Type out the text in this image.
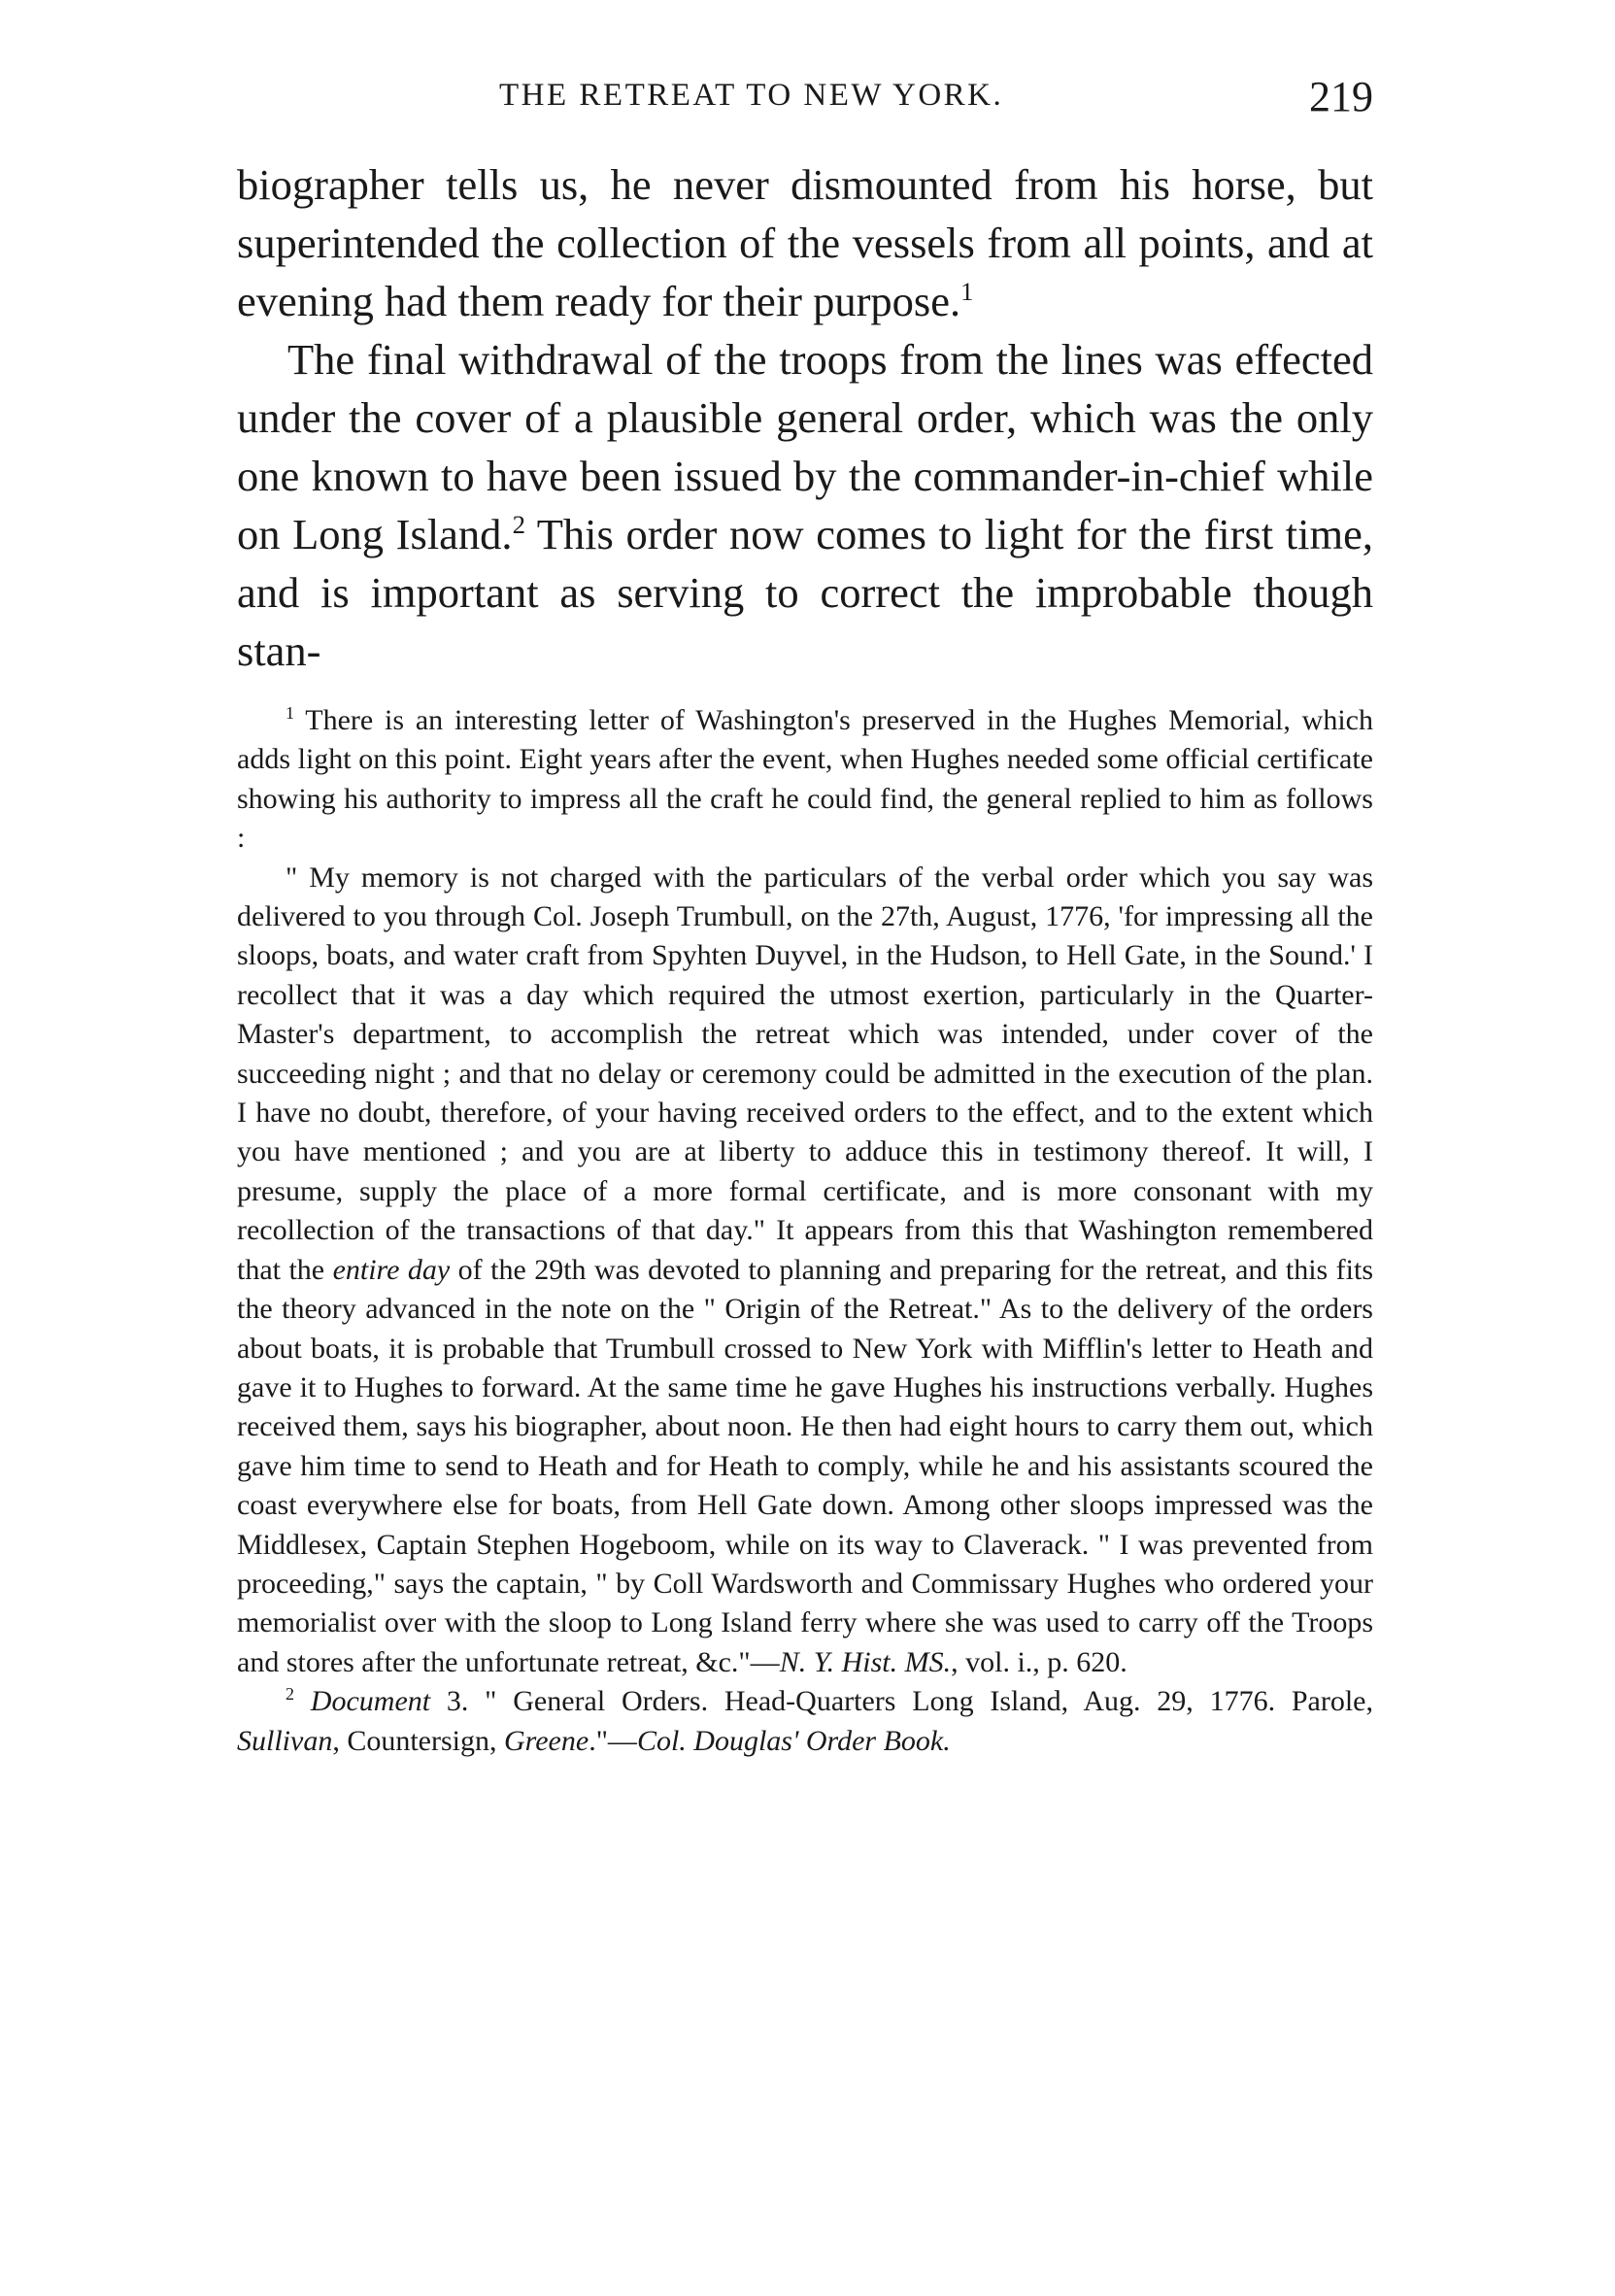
THE RETREAT TO NEW YORK.	219

biographer tells us, he never dismounted from his horse, but superintended the collection of the vessels from all points, and at evening had them ready for their purpose.$^1$

The final withdrawal of the troops from the lines was effected under the cover of a plausible general order, which was the only one known to have been issued by the commander-in-chief while on Long Island.$^2$ This order now comes to light for the first time, and is important as serving to correct the improbable though stan-

$^1$ There is an interesting letter of Washington's preserved in the Hughes Memorial, which adds light on this point. Eight years after the event, when Hughes needed some official certificate showing his authority to impress all the craft he could find, the general replied to him as follows :

" My memory is not charged with the particulars of the verbal order which you say was delivered to you through Col. Joseph Trumbull, on the 27th, August, 1776, 'for impressing all the sloops, boats, and water craft from Spyhten Duyvel, in the Hudson, to Hell Gate, in the Sound.' I recollect that it was a day which required the utmost exertion, particularly in the Quarter-Master's department, to accomplish the retreat which was intended, under cover of the succeeding night ; and that no delay or ceremony could be admitted in the execution of the plan. I have no doubt, therefore, of your having received orders to the effect, and to the extent which you have mentioned ; and you are at liberty to adduce this in testimony thereof. It will, I presume, supply the place of a more formal certificate, and is more consonant with my recollection of the transactions of that day." It appears from this that Washington remembered that the entire day of the 29th was devoted to planning and preparing for the retreat, and this fits the theory advanced in the note on the " Origin of the Retreat." As to the delivery of the orders about boats, it is probable that Trumbull crossed to New York with Mifflin's letter to Heath and gave it to Hughes to forward. At the same time he gave Hughes his instructions verbally. Hughes received them, says his biographer, about noon. He then had eight hours to carry them out, which gave him time to send to Heath and for Heath to comply, while he and his assistants scoured the coast everywhere else for boats, from Hell Gate down. Among other sloops impressed was the Middlesex, Captain Stephen Hogeboom, while on its way to Claverack. " I was prevented from proceeding," says the captain, " by Coll Wardsworth and Commissary Hughes who ordered your memorialist over with the sloop to Long Island ferry where she was used to carry off the Troops and stores after the unfortunate retreat, &c."—N. Y. Hist. MS., vol. i., p. 620.

$^2$ Document 3. " General Orders. Head-Quarters Long Island, Aug. 29, 1776. Parole, Sullivan, Countersign, Greene."—Col. Douglas' Order Book.
